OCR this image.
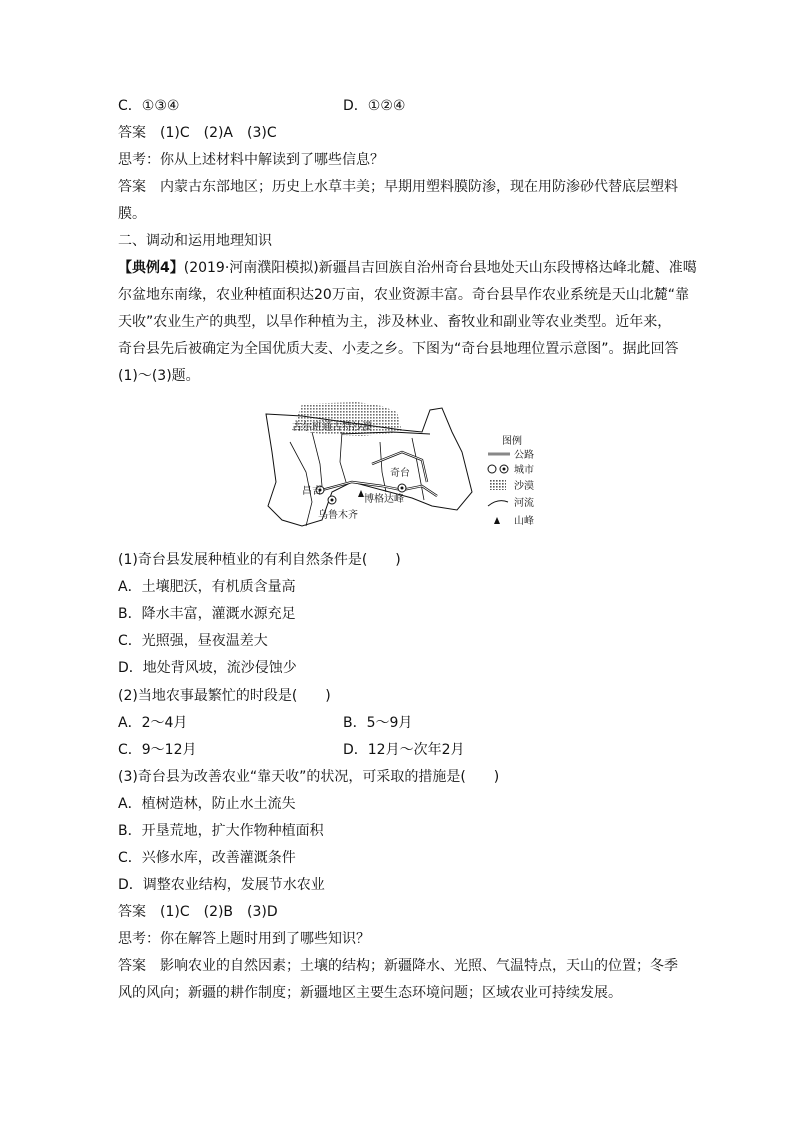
C．①③④	D．①②④
答案　(1)C　(2)A　(3)C
思考：你从上述材料中解读到了哪些信息？
答案　内蒙古东部地区；历史上水草丰美；早期用塑料膜防渗，现在用防渗砂代替底层塑料
膜。
二、调动和运用地理知识
【典例4】(2019·河南濮阳模拟)新疆昌吉回族自治州奇台县地处天山东段博格达峰北麓、准噶
尔盆地东南缘，农业种植面积达20万亩，农业资源丰富。奇台县旱作农业系统是天山北麓“靠
天收”农业生产的典型，以旱作种植为主，涉及林业、畜牧业和副业等农业类型。近年来，
奇台县先后被确定为全国优质大麦、小麦之乡。下图为“奇台县地理位置示意图”。据此回答
(1)～(3)题。
古尔班通古特沙漠
奇台
昌吉
乌鲁木齐
博格达峰
图例
公路
城市
沙漠
河流
山峰
(1)奇台县发展种植业的有利自然条件是(　　)
A．土壤肥沃，有机质含量高
B．降水丰富，灌溉水源充足
C．光照强，昼夜温差大
D．地处背风坡，流沙侵蚀少
(2)当地农事最繁忙的时段是(　　)
A．2～4月	B．5～9月
C．9～12月	D．12月～次年2月
(3)奇台县为改善农业“靠天收”的状况，可采取的措施是(　　)
A．植树造林，防止水土流失
B．开垦荒地，扩大作物种植面积
C．兴修水库，改善灌溉条件
D．调整农业结构，发展节水农业
答案　(1)C　(2)B　(3)D
思考：你在解答上题时用到了哪些知识？
答案　影响农业的自然因素；土壤的结构；新疆降水、光照、气温特点，天山的位置；冬季
风的风向；新疆的耕作制度；新疆地区主要生态环境问题；区域农业可持续发展。
